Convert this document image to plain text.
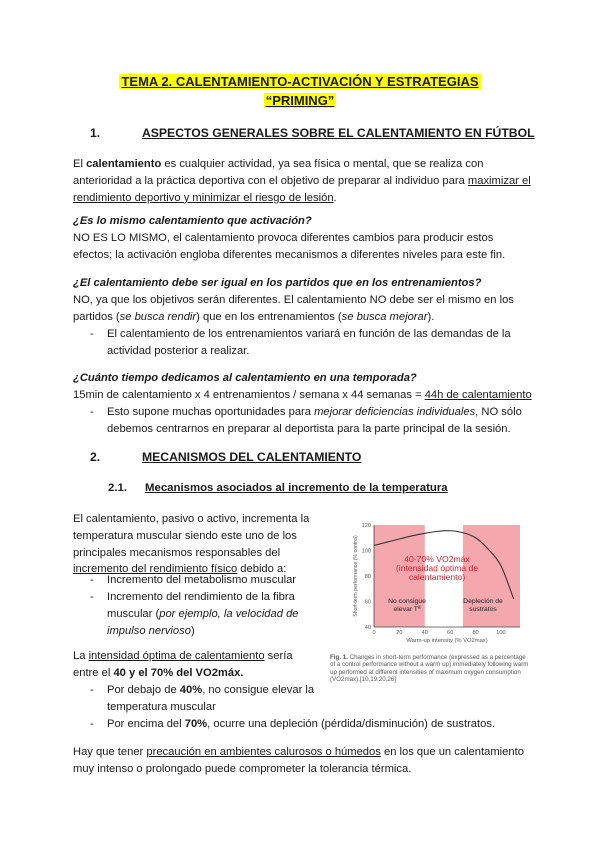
TEMA 2. CALENTAMIENTO-ACTIVACIÓN Y ESTRATEGIAS
“PRIMING”
1.	ASPECTOS GENERALES SOBRE EL CALENTAMIENTO EN FÚTBOL
El calentamiento es cualquier actividad, ya sea física o mental, que se realiza con anterioridad a la práctica deportiva con el objetivo de preparar al individuo para maximizar el rendimiento deportivo y minimizar el riesgo de lesión.
¿Es lo mismo calentamiento que activación?
NO ES LO MISMO, el calentamiento provoca diferentes cambios para producir estos efectos; la activación engloba diferentes mecanismos a diferentes niveles para este fin.
¿El calentamiento debe ser igual en los partidos que en los entrenamientos?
NO, ya que los objetivos serán diferentes. El calentamiento NO debe ser el mismo en los partidos (se busca rendir) que en los entrenamientos (se busca mejorar).
- El calentamiento de los entrenamientos variará en función de las demandas de la actividad posterior a realizar.
¿Cuánto tiempo dedicamos al calentamiento en una temporada?
15min de calentamiento x 4 entrenamientos / semana x 44 semanas = 44h de calentamiento
- Esto supone muchas oportunidades para mejorar deficiencias individuales, NO sólo debemos centrarnos en preparar al deportista para la parte principal de la sesión.
2.	MECANISMOS DEL CALENTAMIENTO
2.1. Mecanismos asociados al incremento de la temperatura
El calentamiento, pasivo o activo, incrementa la temperatura muscular siendo este uno de los principales mecanismos responsables del incremento del rendimiento físico debido a:
- Incremento del metabolismo muscular
- Incremento del rendimiento de la fibra muscular (por ejemplo, la velocidad de impulso nervioso)
La intensidad óptima de calentamiento sería entre el 40 y el 70% del VO2máx.
- Por debajo de 40%, no consigue elevar la temperatura muscular
- Por encima del 70%, ocurre una depleción (pérdida/disminución) de sustratos.
Hay que tener precaución en ambientes calurosos o húmedos en los que un calentamiento muy intenso o prolongado puede comprometer la tolerancia térmica.
0	20	40	60	80	100
40
60
80
100
120
Short-term performance (% control)
Warm-up intensity (% V̇O2max)
40-70% VO2máx (intensidad óptima de calentamiento)
No consigue elevar Tª
Depleción de sustratos
Fig. 1. Changes in short-term performance (expressed as a percentage of a control performance without a warm up) immediately following warm up performed at different intensities of maximum oxygen consumption (VO2max).[10,19,20,26]
